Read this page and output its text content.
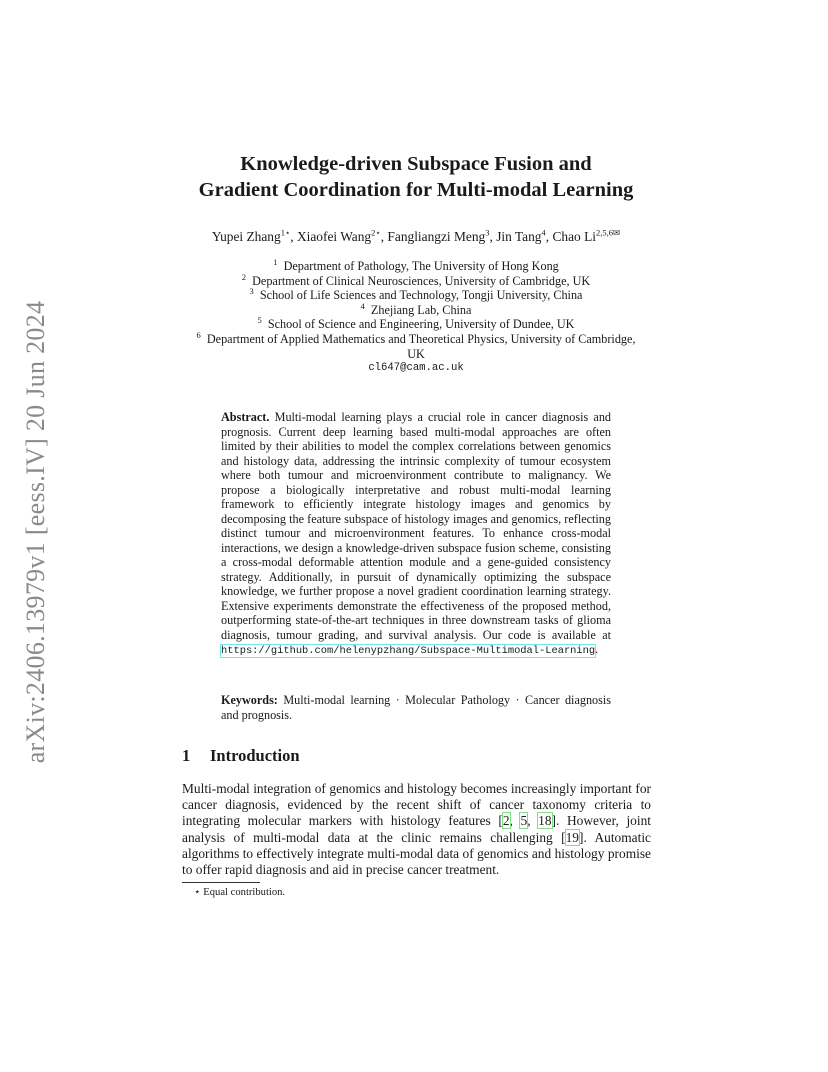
arXiv:2406.13979v1 [eess.IV] 20 Jun 2024
Knowledge-driven Subspace Fusion and
Gradient Coordination for Multi-modal Learning
Yupei Zhang$^{1⋆}$, Xiaofei Wang$^{2⋆}$, Fangliangzi Meng$^3$, Jin Tang$^4$, Chao $Li^{2,5,6✉}$
$^1$ Department of Pathology, The University of Hong Kong
$^2$ Department of Clinical Neurosciences, University of Cambridge, UK
$^3$ School of Life Sciences and Technology, Tongji University, China
$^4$ Zhejiang Lab, China
$^5$ School of Science and Engineering, University of Dundee, UK
$^6$ Department of Applied Mathematics and Theoretical Physics, University of Cambridge, UK
cl647@cam.ac.uk
Abstract. Multi-modal learning plays a crucial role in cancer diagnosis and prognosis. Current deep learning based multi-modal approaches are often limited by their abilities to model the complex correlations between genomics and histology data, addressing the intrinsic complexity of tumour ecosystem where both tumour and microenvironment contribute to malignancy. We propose a biologically interpretative and robust multi-modal learning framework to efficiently integrate histology images and genomics by decomposing the feature subspace of histology images and genomics, reflecting distinct tumour and microenvironment features. To enhance cross-modal interactions, we design a knowledge-driven subspace fusion scheme, consisting a cross-modal deformable attention module and a gene-guided consistency strategy. Additionally, in pursuit of dynamically optimizing the subspace knowledge, we further propose a novel gradient coordination learning strategy. Extensive experiments demonstrate the effectiveness of the proposed method, outperforming state-of-the-art techniques in three downstream tasks of glioma diagnosis, tumour grading, and survival analysis. Our code is available at https://github.com/helenypzhang/Subspace-Multimodal-Learning.
Keywords: Multi-modal learning · Molecular Pathology · Cancer diagnosis and prognosis.
1 Introduction
Multi-modal integration of genomics and histology becomes increasingly important for cancer diagnosis, evidenced by the recent shift of cancer taxonomy criteria to integrating molecular markers with histology features [2, 5, 18]. However, joint analysis of multi-modal data at the clinic remains challenging [19]. Automatic algorithms to effectively integrate multi-modal data of genomics and histology promise to offer rapid diagnosis and aid in precise cancer treatment.
⋆ Equal contribution.
